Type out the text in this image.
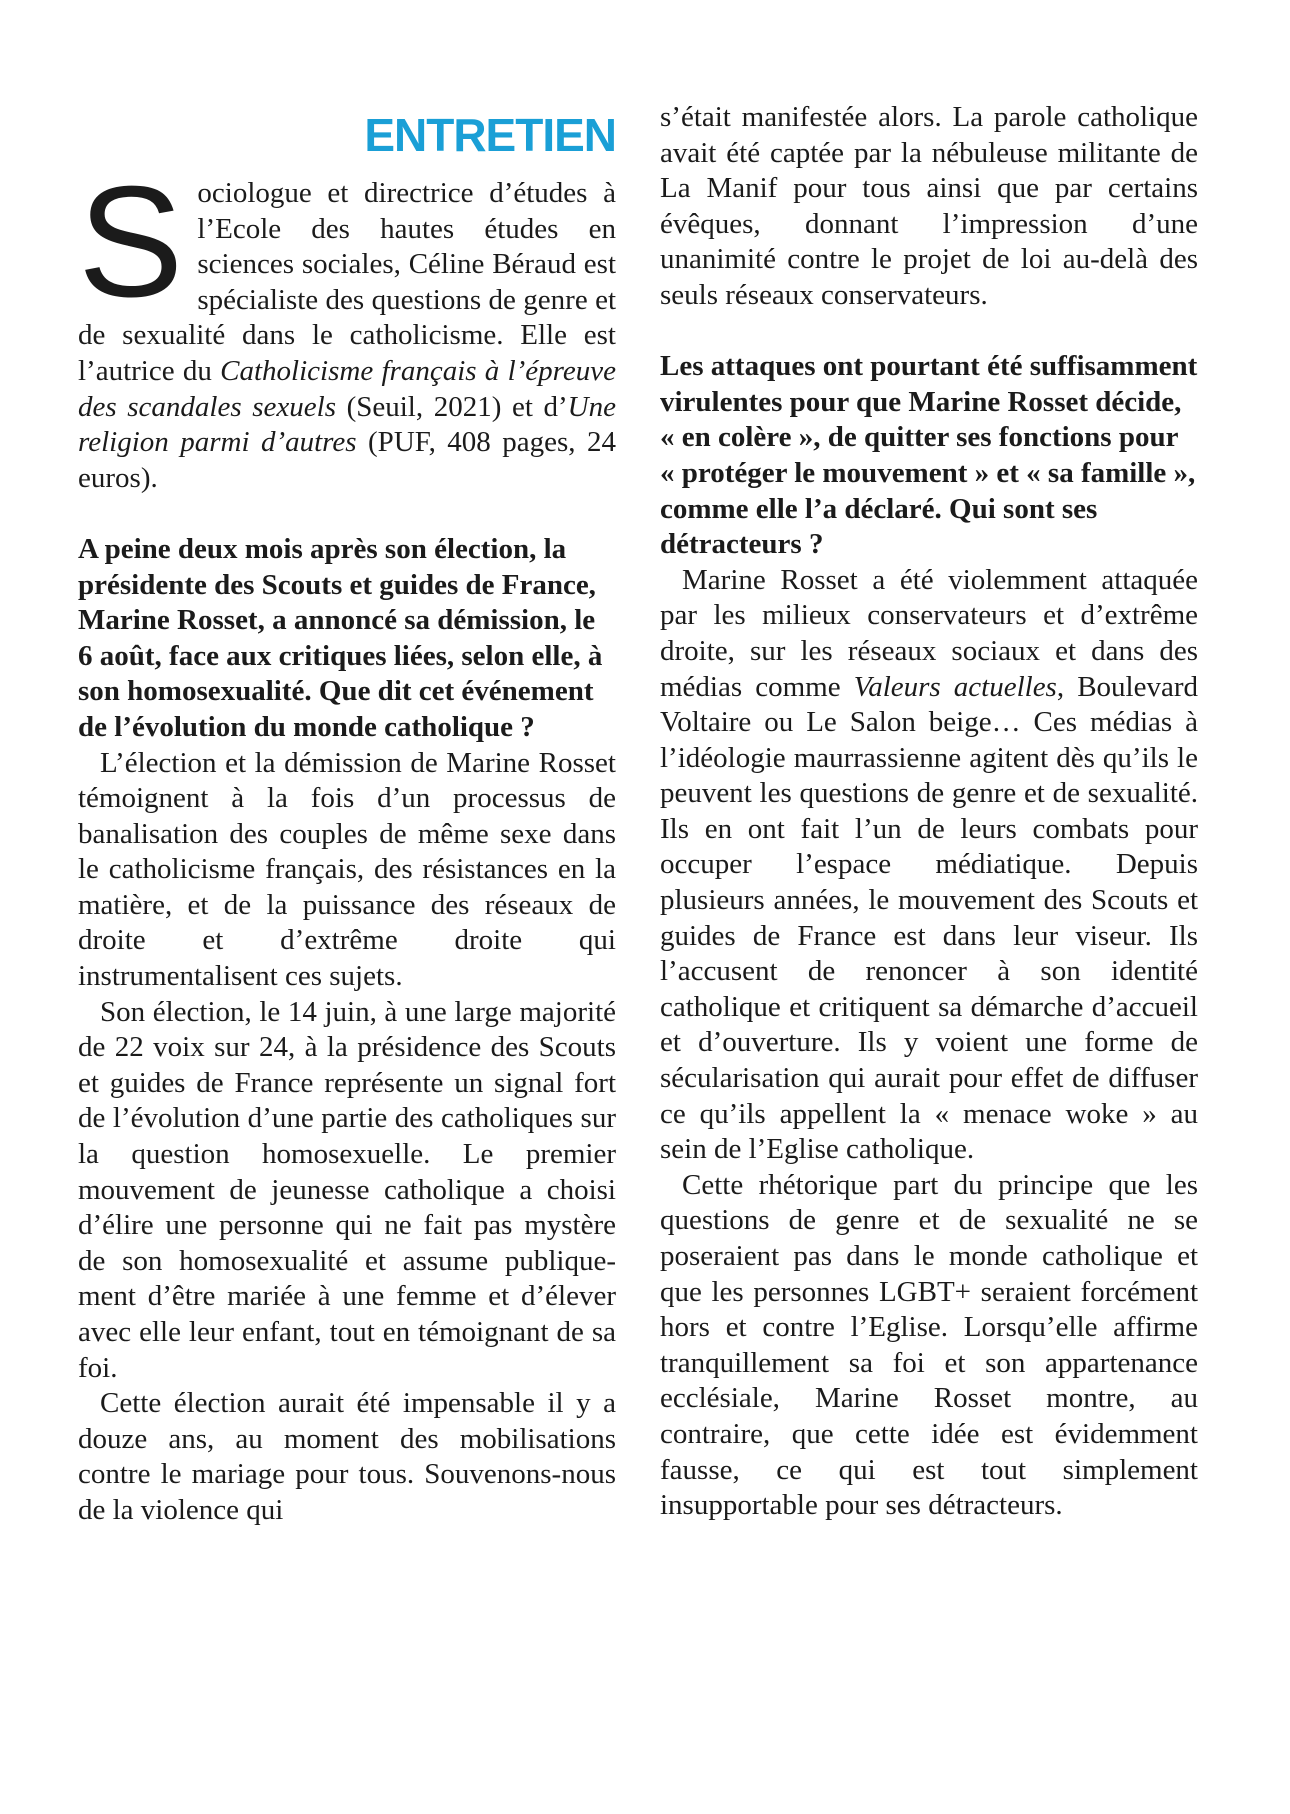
ENTRETIEN

Sociologue et directrice d’études à l’Ecole des hautes études en sciences sociales, Céline Béraud est spécialiste des questions de genre et de sexualité dans le catholicisme. Elle est l’autrice du Catholicisme français à l’épreuve des scandales sexuels (Seuil, 2021) et d’Une religion parmi d’autres (PUF, 408 pages, 24 euros).

A peine deux mois après son élection, la présidente des Scouts et guides de France, Marine Rosset, a annoncé sa démission, le 6 août, face aux critiques liées, selon elle, à son homosexualité. Que dit cet événement de l’évolution du monde catholique ?

L’élection et la démission de Marine Rosset témoignent à la fois d’un processus de banalisation des couples de même sexe dans le catholicisme français, des résistances en la matière, et de la puissance des réseaux de droite et d’extrême droite qui instrumentalisent ces sujets.

Son élection, le 14 juin, à une large majorité de 22 voix sur 24, à la présidence des Scouts et guides de France représente un signal fort de l’évolution d’une partie des catholiques sur la question homosexuelle. Le premier mouvement de jeunesse catholique a choisi d’élire une personne qui ne fait pas mystère de son homosexualité et assume publiquement d’être mariée à une femme et d’élever avec elle leur enfant, tout en témoignant de sa foi.

Cette élection aurait été impensable il y a douze ans, au moment des mobilisations contre le mariage pour tous. Souvenons-nous de la violence qui

s’était manifestée alors. La parole catholique avait été captée par la nébuleuse militante de La Manif pour tous ainsi que par certains évêques, donnant l’impression d’une unanimité contre le projet de loi au-delà des seuls réseaux conservateurs.

Les attaques ont pourtant été suffisamment virulentes pour que Marine Rosset décide, « en colère », de quitter ses fonctions pour « protéger le mouvement » et « sa famille », comme elle l’a déclaré. Qui sont ses détracteurs ?

Marine Rosset a été violemment attaquée par les milieux conservateurs et d’extrême droite, sur les réseaux sociaux et dans des médias comme Valeurs actuelles, Boulevard Voltaire ou Le Salon beige… Ces médias à l’idéologie maurrassienne agitent dès qu’ils le peuvent les questions de genre et de sexualité. Ils en ont fait l’un de leurs combats pour occuper l’espace médiatique. Depuis plusieurs années, le mouvement des Scouts et guides de France est dans leur viseur. Ils l’accusent de renoncer à son identité catholique et critiquent sa démarche d’accueil et d’ouverture. Ils y voient une forme de sécularisation qui aurait pour effet de diffuser ce qu’ils appellent la « menace woke » au sein de l’Eglise catholique.

Cette rhétorique part du principe que les questions de genre et de sexualité ne se poseraient pas dans le monde catholique et que les personnes LGBT+ seraient forcément hors et contre l’Eglise. Lorsqu’elle affirme tranquillement sa foi et son appartenance ecclésiale, Marine Rosset montre, au contraire, que cette idée est évidemment fausse, ce qui est tout simplement insupportable pour ses détracteurs.
